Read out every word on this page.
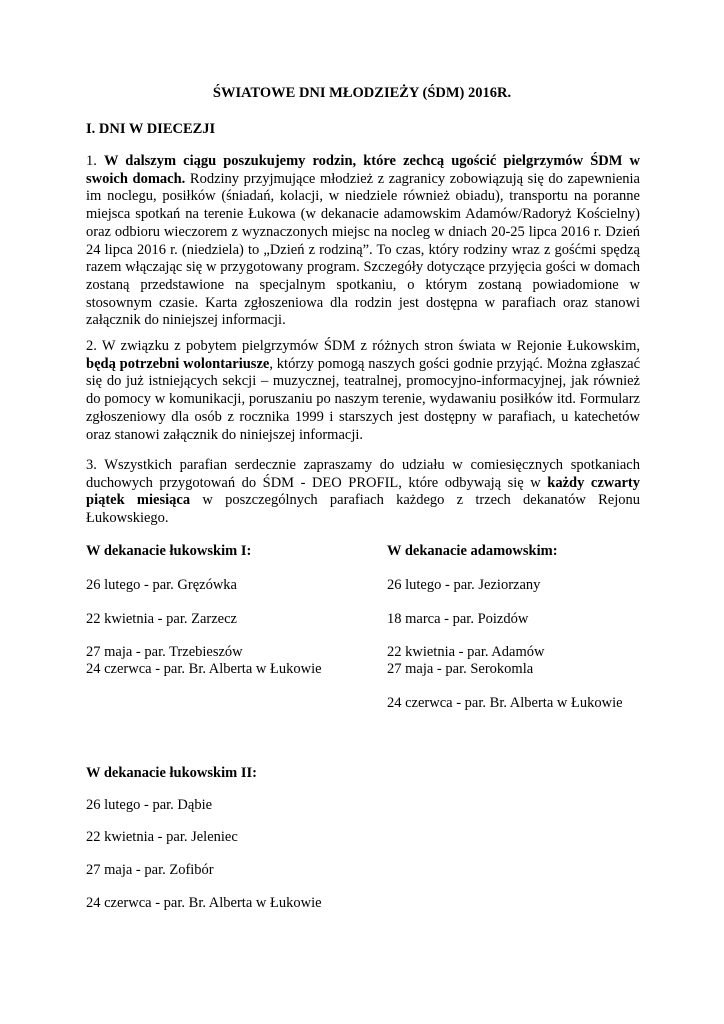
ŚWIATOWE DNI MŁODZIEŻY (ŚDM) 2016R.
I. DNI W DIECEZJI

1. W dalszym ciągu poszukujemy rodzin, które zechcą ugościć pielgrzymów ŚDM w swoich domach. Rodziny przyjmujące młodzież z zagranicy zobowiązują się do zapewnienia im noclegu, posiłków (śniadań, kolacji, w niedziele również obiadu), transportu na poranne miejsca spotkań na terenie Łukowa (w dekanacie adamowskim Adamów/Radoryż Kościelny) oraz odbioru wieczorem z wyznaczonych miejsc na nocleg w dniach 20-25 lipca 2016 r. Dzień 24 lipca 2016 r. (niedziela) to „Dzień z rodziną”. To czas, który rodziny wraz z gośćmi spędzą razem włączając się w przygotowany program. Szczegóły dotyczące przyjęcia gości w domach zostaną przedstawione na specjalnym spotkaniu, o którym zostaną powiadomione w stosownym czasie. Karta zgłoszeniowa dla rodzin jest dostępna w parafiach oraz stanowi załącznik do niniejszej informacji.

2. W związku z pobytem pielgrzymów ŚDM z różnych stron świata w Rejonie Łukowskim, będą potrzebni wolontariusze, którzy pomogą naszych gości godnie przyjąć. Można zgłaszać się do już istniejących sekcji – muzycznej, teatralnej, promocyjno-informacyjnej, jak również do pomocy w komunikacji, poruszaniu po naszym terenie, wydawaniu posiłków itd. Formularz zgłoszeniowy dla osób z rocznika 1999 i starszych jest dostępny w parafiach, u katechetów oraz stanowi załącznik do niniejszej informacji.

3. Wszystkich parafian serdecznie zapraszamy do udziału w comiesięcznych spotkaniach duchowych przygotowań do ŚDM - DEO PROFIL, które odbywają się w każdy czwarty piątek miesiąca w poszczególnych parafiach każdego z trzech dekanatów Rejonu Łukowskiego.

W dekanacie łukowskim I:
26 lutego - par. Gręzówka
22 kwietnia - par. Zarzecz
27 maja - par. Trzebieszów
24 czerwca - par. Br. Alberta w Łukowie
W dekanacie adamowskim:
26 lutego - par. Jeziorzany
18 marca - par. Poizdów
22 kwietnia - par. Adamów
27 maja - par. Serokomla
24 czerwca - par. Br. Alberta w Łukowie
W dekanacie łukowskim II:
26 lutego - par. Dąbie
22 kwietnia - par. Jeleniec
27 maja - par. Zofibór
24 czerwca - par. Br. Alberta w Łukowie
